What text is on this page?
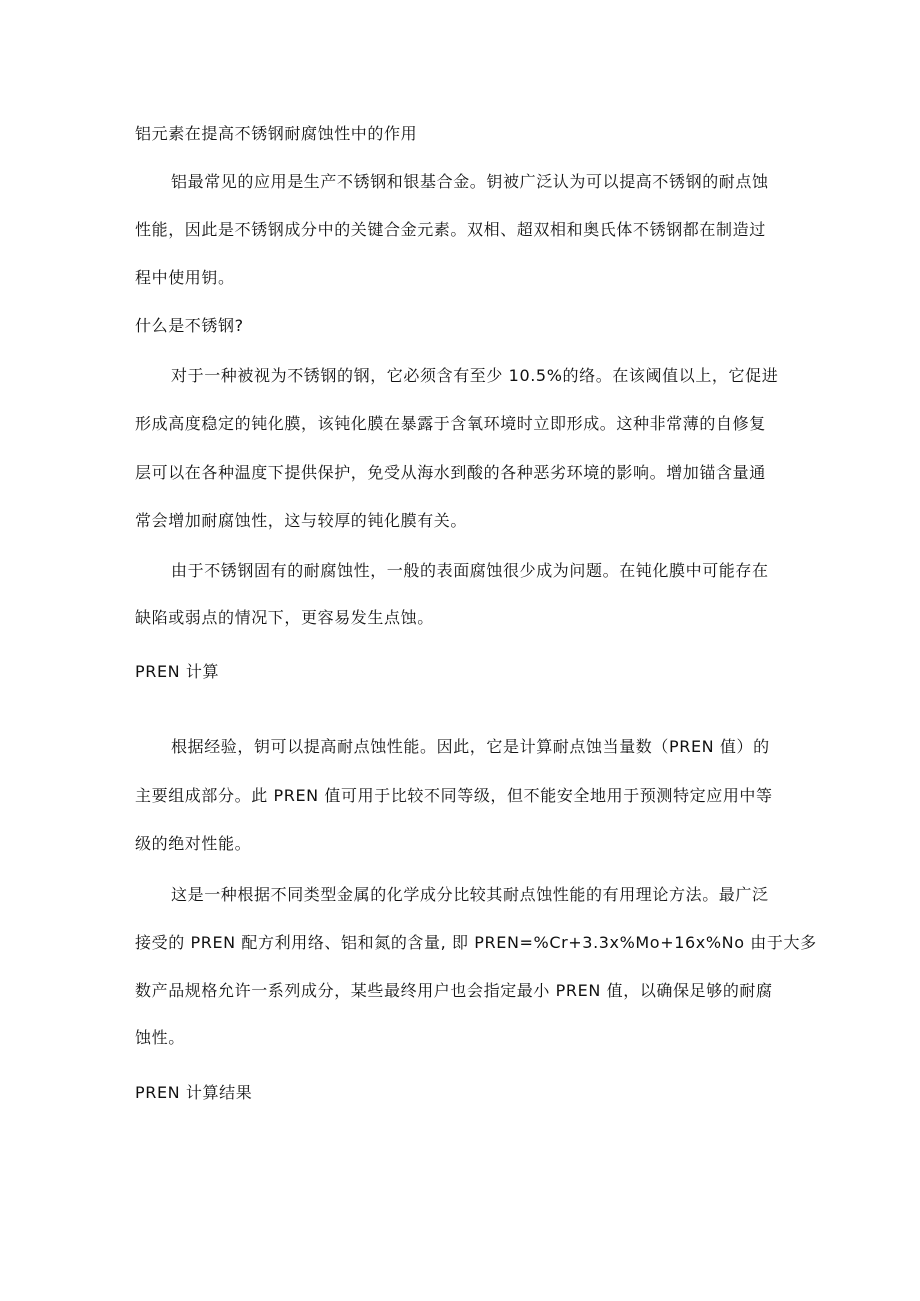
铝元素在提高不锈钢耐腐蚀性中的作用

铝最常见的应用是生产不锈钢和银基合金。钥被广泛认为可以提高不锈钢的耐点蚀

性能，因此是不锈钢成分中的关键合金元素。双相、超双相和奥氏体不锈钢都在制造过

程中使用钥。

什么是不锈钢?

对于一种被视为不锈钢的钢，它必须含有至少 10.5%的络。在该阈值以上，它促进

形成高度稳定的钝化膜，该钝化膜在暴露于含氧环境时立即形成。这种非常薄的自修复

层可以在各种温度下提供保护，免受从海水到酸的各种恶劣环境的影响。增加锚含量通

常会增加耐腐蚀性，这与较厚的钝化膜有关。

由于不锈钢固有的耐腐蚀性，一般的表面腐蚀很少成为问题。在钝化膜中可能存在

缺陷或弱点的情况下，更容易发生点蚀。

PREN 计算

根据经验，钥可以提高耐点蚀性能。因此，它是计算耐点蚀当量数（PREN 值）的

主要组成部分。此 PREN 值可用于比较不同等级，但不能安全地用于预测特定应用中等

级的绝对性能。

这是一种根据不同类型金属的化学成分比较其耐点蚀性能的有用理论方法。最广泛

接受的 PREN 配方利用络、铝和氮的含量, 即 PREN=%Cr+3.3x%Mo+16x%No 由于大多

数产品规格允许一系列成分，某些最终用户也会指定最小 PREN 值，以确保足够的耐腐

蚀性。

PREN 计算结果
